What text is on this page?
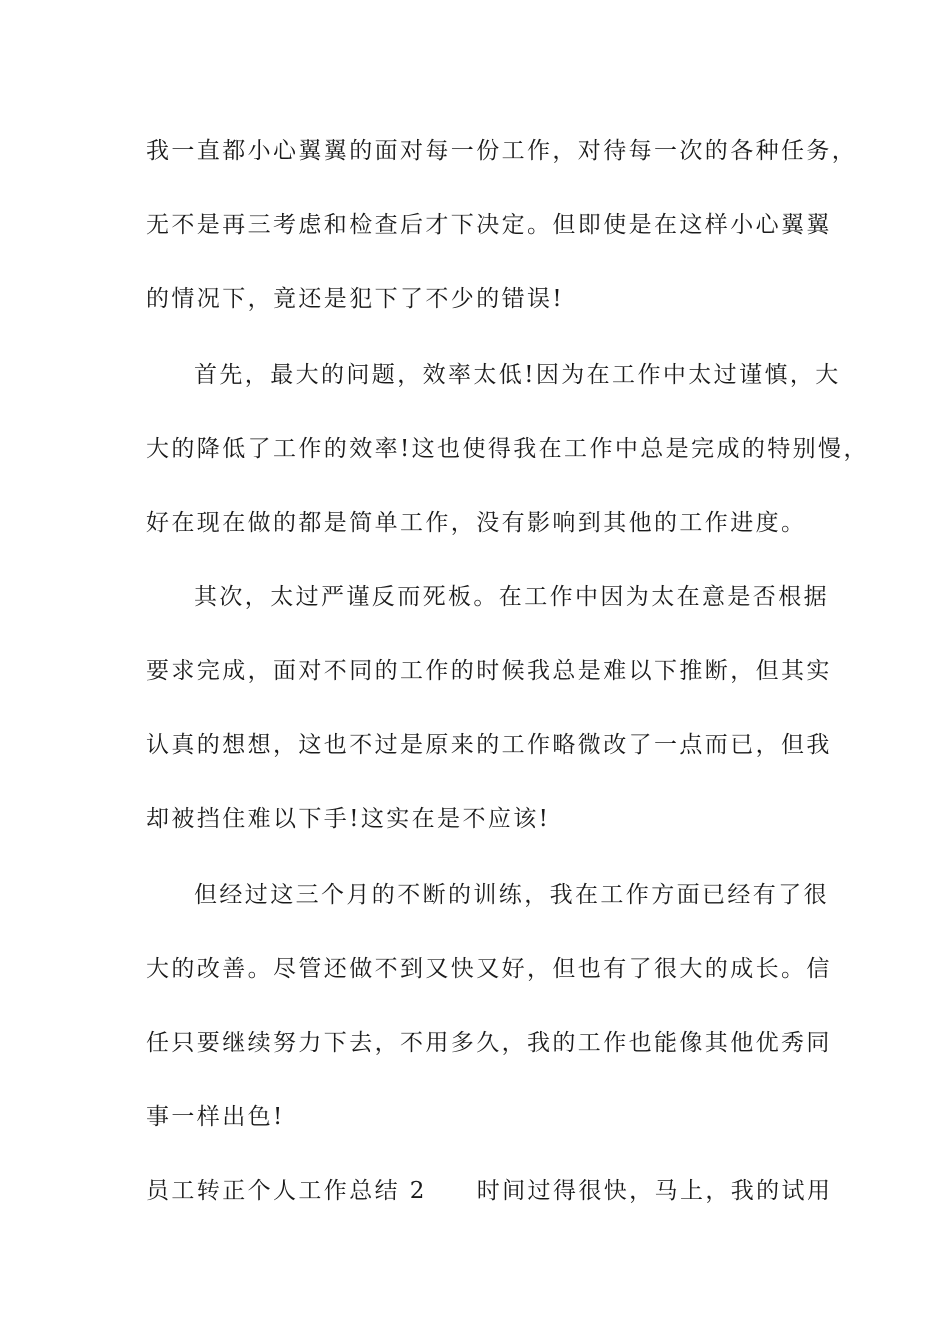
我一直都小心翼翼的面对每一份工作，对待每一次的各种任务，
无不是再三考虑和检查后才下决定。但即使是在这样小心翼翼
的情况下，竟还是犯下了不少的错误!
首先，最大的问题，效率太低!因为在工作中太过谨慎，大
大的降低了工作的效率!这也使得我在工作中总是完成的特别慢，
好在现在做的都是简单工作，没有影响到其他的工作进度。
其次，太过严谨反而死板。在工作中因为太在意是否根据
要求完成，面对不同的工作的时候我总是难以下推断，但其实
认真的想想，这也不过是原来的工作略微改了一点而已，但我
却被挡住难以下手!这实在是不应该!
但经过这三个月的不断的训练，我在工作方面已经有了很
大的改善。尽管还做不到又快又好，但也有了很大的成长。信
任只要继续努力下去，不用多久，我的工作也能像其他优秀同
事一样出色!
员工转正个人工作总结 2 时间过得很快，马上，我的试用
